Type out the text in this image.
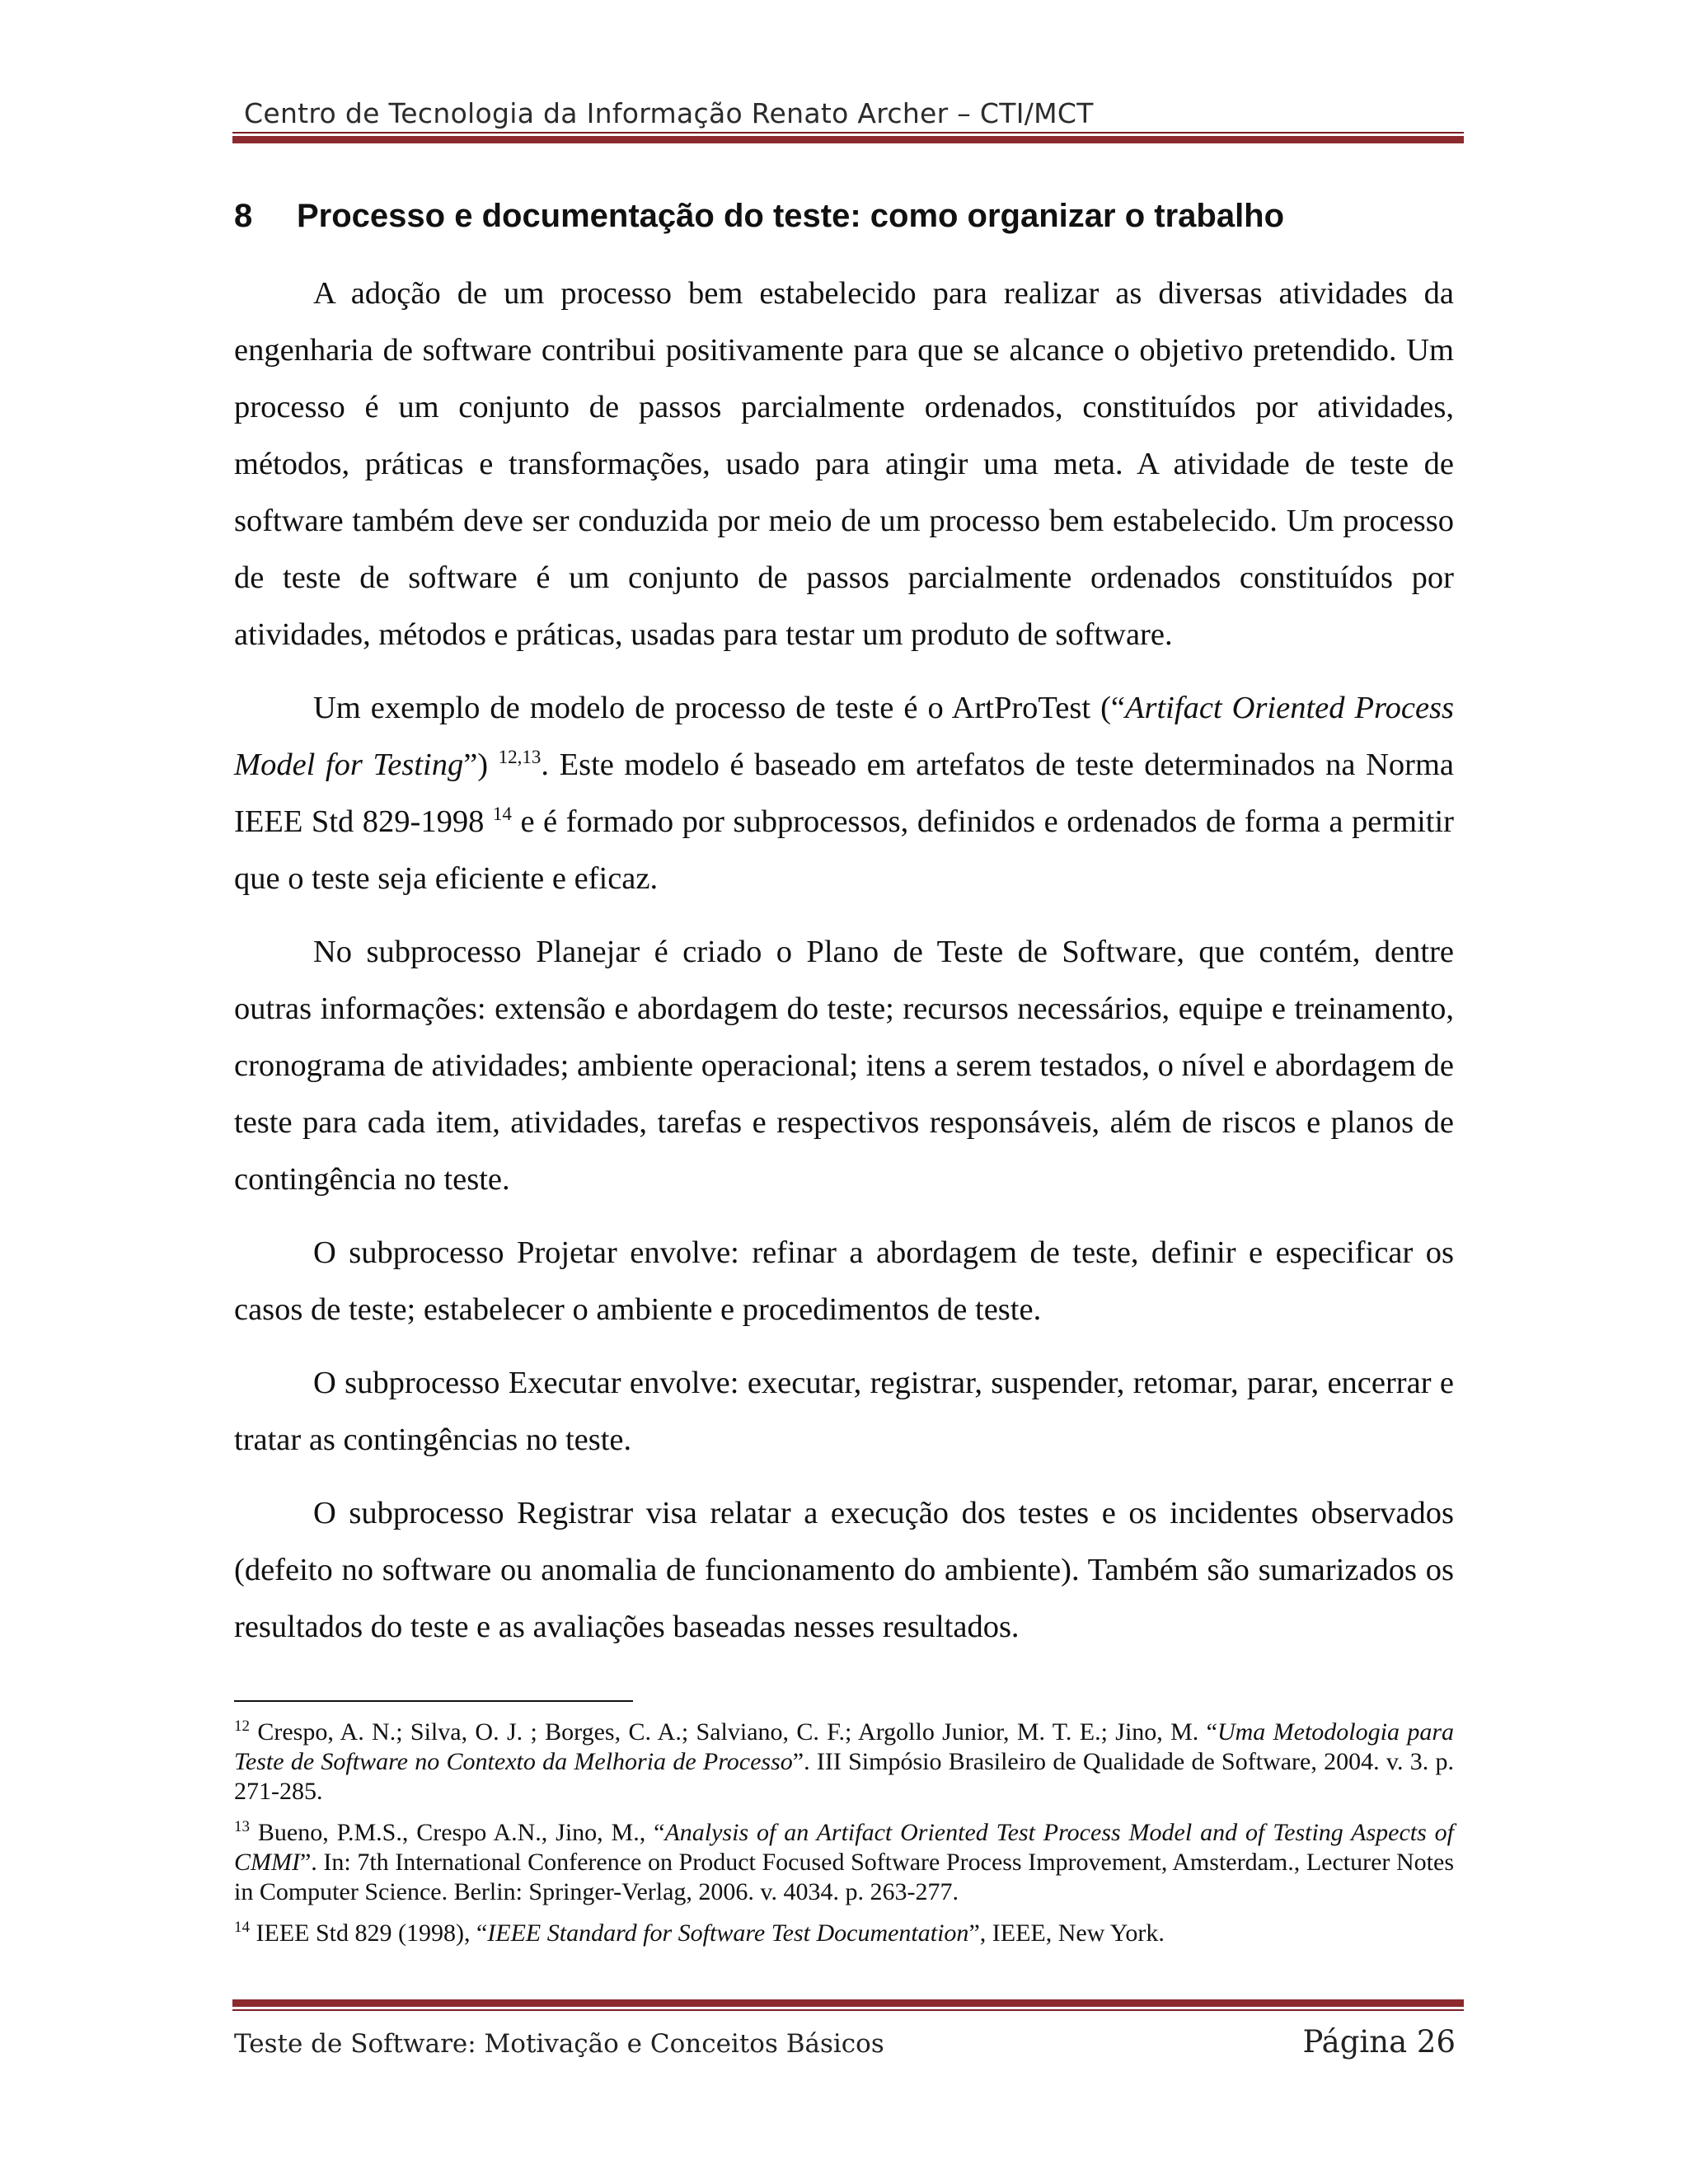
Centro de Tecnologia da Informação Renato Archer – CTI/MCT
8 Processo e documentação do teste: como organizar o trabalho

A adoção de um processo bem estabelecido para realizar as diversas atividades da engenharia de software contribui positivamente para que se alcance o objetivo pretendido. Um processo é um conjunto de passos parcialmente ordenados, constituídos por atividades, métodos, práticas e transformações, usado para atingir uma meta. A atividade de teste de software também deve ser conduzida por meio de um processo bem estabelecido. Um processo de teste de software é um conjunto de passos parcialmente ordenados constituídos por atividades, métodos e práticas, usadas para testar um produto de software.

Um exemplo de modelo de processo de teste é o ArtProTest (“Artifact Oriented Process Model for Testing”) $^{12,13}$. Este modelo é baseado em artefatos de teste determinados na Norma IEEE Std 829-1998 $^{14}$ e é formado por subprocessos, definidos e ordenados de forma a permitir que o teste seja eficiente e eficaz.

No subprocesso Planejar é criado o Plano de Teste de Software, que contém, dentre outras informações: extensão e abordagem do teste; recursos necessários, equipe e treinamento, cronograma de atividades; ambiente operacional; itens a serem testados, o nível e abordagem de teste para cada item, atividades, tarefas e respectivos responsáveis, além de riscos e planos de contingência no teste.

O subprocesso Projetar envolve: refinar a abordagem de teste, definir e especificar os casos de teste; estabelecer o ambiente e procedimentos de teste.

O subprocesso Executar envolve: executar, registrar, suspender, retomar, parar, encerrar e tratar as contingências no teste.

O subprocesso Registrar visa relatar a execução dos testes e os incidentes observados (defeito no software ou anomalia de funcionamento do ambiente). Também são sumarizados os resultados do teste e as avaliações baseadas nesses resultados.

$^{12}$ Crespo, A. N.; Silva, O. J. ; Borges, C. A.; Salviano, C. F.; Argollo Junior, M. T. E.; Jino, M. “Uma Metodologia para Teste de Software no Contexto da Melhoria de Processo”. III Simpósio Brasileiro de Qualidade de Software, 2004. v. 3. p. 271-285.
$^{13}$ Bueno, P.M.S., Crespo A.N., Jino, M., “Analysis of an Artifact Oriented Test Process Model and of Testing Aspects of CMMI”. In: 7th International Conference on Product Focused Software Process Improvement, Amsterdam., Lecturer Notes in Computer Science. Berlin: Springer-Verlag, 2006. v. 4034. p. 263-277.
$^{14}$ IEEE Std 829 (1998), “IEEE Standard for Software Test Documentation”, IEEE, New York.
Teste de Software: Motivação e Conceitos Básicos	Página 26
